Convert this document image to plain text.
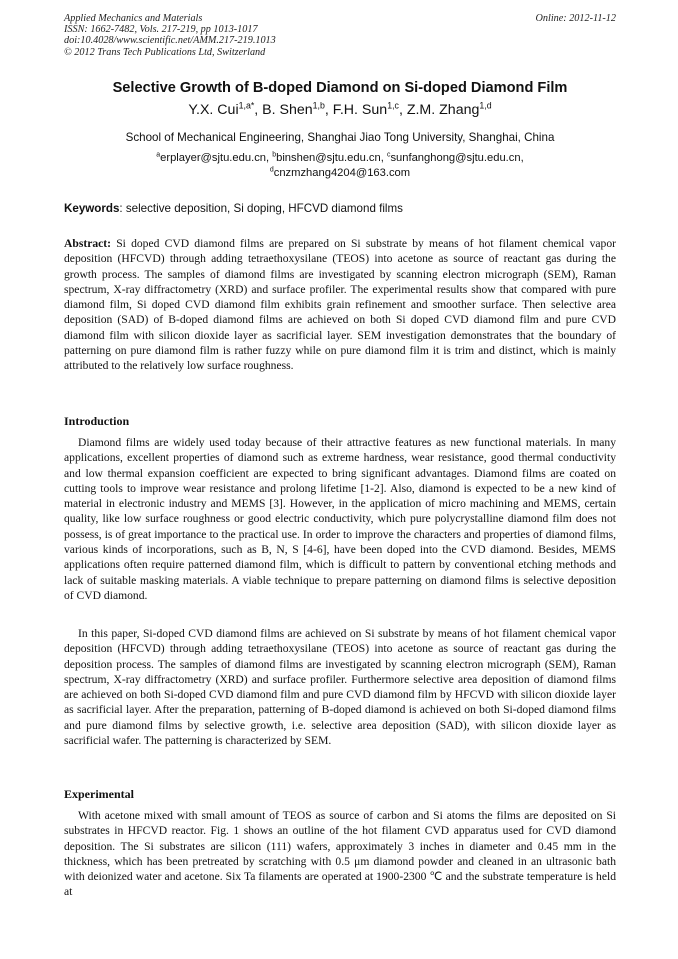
Applied Mechanics and Materials	Online: 2012-11-12
ISSN: 1662-7482, Vols. 217-219, pp 1013-1017
doi:10.4028/www.scientific.net/AMM.217-219.1013
© 2012 Trans Tech Publications Ltd, Switzerland
Selective Growth of B-doped Diamond on Si-doped Diamond Film
Y.X. Cui$^{1,a*}$, B. Shen$^{1,b}$, F.H. Sun$^{1,c}$, Z.M. Zhang$^{1,d}$
School of Mechanical Engineering, Shanghai Jiao Tong University, Shanghai, China
$^a$erplayer@sjtu.edu.cn, $^b$binshen@sjtu.edu.cn, $^c$sunfanghong@sjtu.edu.cn,
$^d$cnzmzhang4204@163.com
Keywords: selective deposition, Si doping, HFCVD diamond films
Abstract: Si doped CVD diamond films are prepared on Si substrate by means of hot filament chemical vapor deposition (HFCVD) through adding tetraethoxysilane (TEOS) into acetone as source of reactant gas during the growth process. The samples of diamond films are investigated by scanning electron micrograph (SEM), Raman spectrum, X-ray diffractometry (XRD) and surface profiler. The experimental results show that compared with pure diamond film, Si doped CVD diamond film exhibits grain refinement and smoother surface. Then selective area deposition (SAD) of B-doped diamond films are achieved on both Si doped CVD diamond film and pure CVD diamond film with silicon dioxide layer as sacrificial layer. SEM investigation demonstrates that the boundary of patterning on pure diamond film is rather fuzzy while on pure diamond film it is trim and distinct, which is mainly attributed to the relatively low surface roughness.
Introduction
Diamond films are widely used today because of their attractive features as new functional materials. In many applications, excellent properties of diamond such as extreme hardness, wear resistance, good thermal conductivity and low thermal expansion coefficient are expected to bring significant advantages. Diamond films are coated on cutting tools to improve wear resistance and prolong lifetime [1-2]. Also, diamond is expected to be a new kind of material in electronic industry and MEMS [3]. However, in the application of micro machining and MEMS, certain quality, like low surface roughness or good electric conductivity, which pure polycrystalline diamond film does not possess, is of great importance to the practical use. In order to improve the characters and properties of diamond films, various kinds of incorporations, such as B, N, S [4-6], have been doped into the CVD diamond. Besides, MEMS applications often require patterned diamond film, which is difficult to pattern by conventional etching methods and lack of suitable masking materials. A viable technique to prepare patterning on diamond films is selective deposition of CVD diamond.
In this paper, Si-doped CVD diamond films are achieved on Si substrate by means of hot filament chemical vapor deposition (HFCVD) through adding tetraethoxysilane (TEOS) into acetone as source of reactant gas during the deposition process. The samples of diamond films are investigated by scanning electron micrograph (SEM), Raman spectrum, X-ray diffractometry (XRD) and surface profiler. Furthermore selective area deposition of diamond films are achieved on both Si-doped CVD diamond film and pure CVD diamond film by HFCVD with silicon dioxide layer as sacrificial layer. After the preparation, patterning of B-doped diamond is achieved on both Si-doped diamond films and pure diamond films by selective growth, i.e. selective area deposition (SAD), with silicon dioxide layer as sacrificial wafer. The patterning is characterized by SEM.
Experimental
With acetone mixed with small amount of TEOS as source of carbon and Si atoms the films are deposited on Si substrates in HFCVD reactor. Fig. 1 shows an outline of the hot filament CVD apparatus used for CVD diamond deposition. The Si substrates are silicon (111) wafers, approximately 3 inches in diameter and 0.45 mm in the thickness, which has been pretreated by scratching with 0.5 μm diamond powder and cleaned in an ultrasonic bath with deionized water and acetone. Six Ta filaments are operated at 1900-2300 ℃ and the substrate temperature is held at
